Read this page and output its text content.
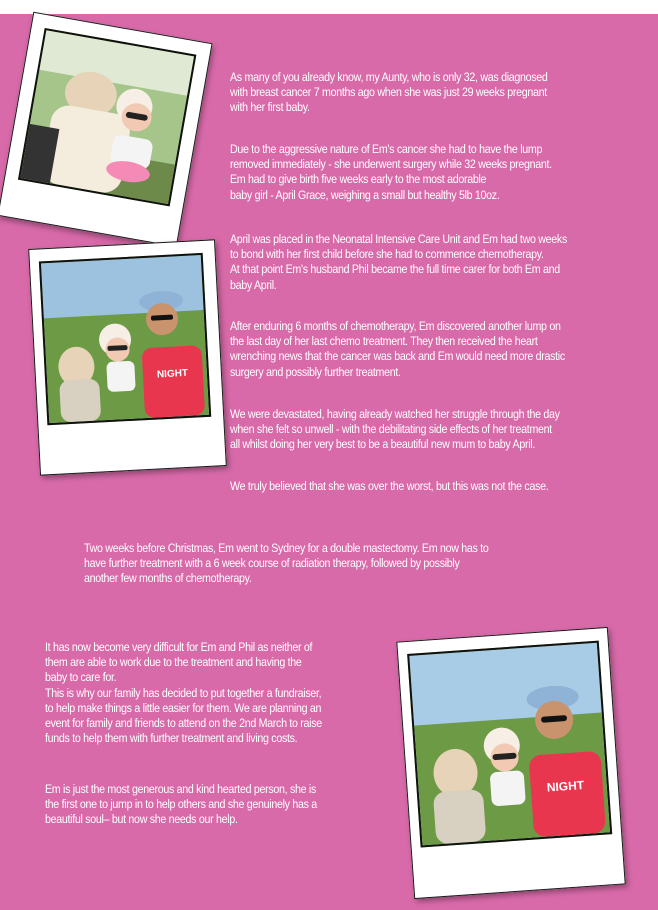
NIGHT
NIGHT

As many of you already know, my Aunty, who is only 32, was diagnosed
with breast cancer 7 months ago when she was just 29 weeks pregnant
with her first baby.

Due to the aggressive nature of Em's cancer she had to have the lump
removed immediately - she underwent surgery while 32 weeks pregnant.
Em had to give birth five weeks early to the most adorable
baby girl - April Grace, weighing a small but healthy 5lb 10oz.

April was placed in the Neonatal Intensive Care Unit and Em had two weeks
to bond with her first child before she had to commence chemotherapy.
At that point Em's husband Phil became the full time carer for both Em and
baby April.

After enduring 6 months of chemotherapy, Em discovered another lump on
the last day of her last chemo treatment. They then received the heart
wrenching news that the cancer was back and Em would need more drastic
surgery and possibly further treatment.

We were devastated, having already watched her struggle through the day
when she felt so unwell - with the debilitating side effects of her treatment
all whilst doing her very best to be a beautiful new mum to baby April.

We truly believed that she was over the worst, but this was not the case.

Two weeks before Christmas, Em went to Sydney for a double mastectomy. Em now has to
have further treatment with a 6 week course of radiation therapy, followed by possibly
another few months of chemotherapy.

It has now become very difficult for Em and Phil as neither of
them are able to work due to the treatment and having the
baby to care for.
This is why our family has decided to put together a fundraiser,
to help make things a little easier for them. We are planning an
event for family and friends to attend on the 2nd March to raise
funds to help them with further treatment and living costs.

Em is just the most generous and kind hearted person, she is
the first one to jump in to help others and she genuinely has a
beautiful soul– but now she needs our help.
